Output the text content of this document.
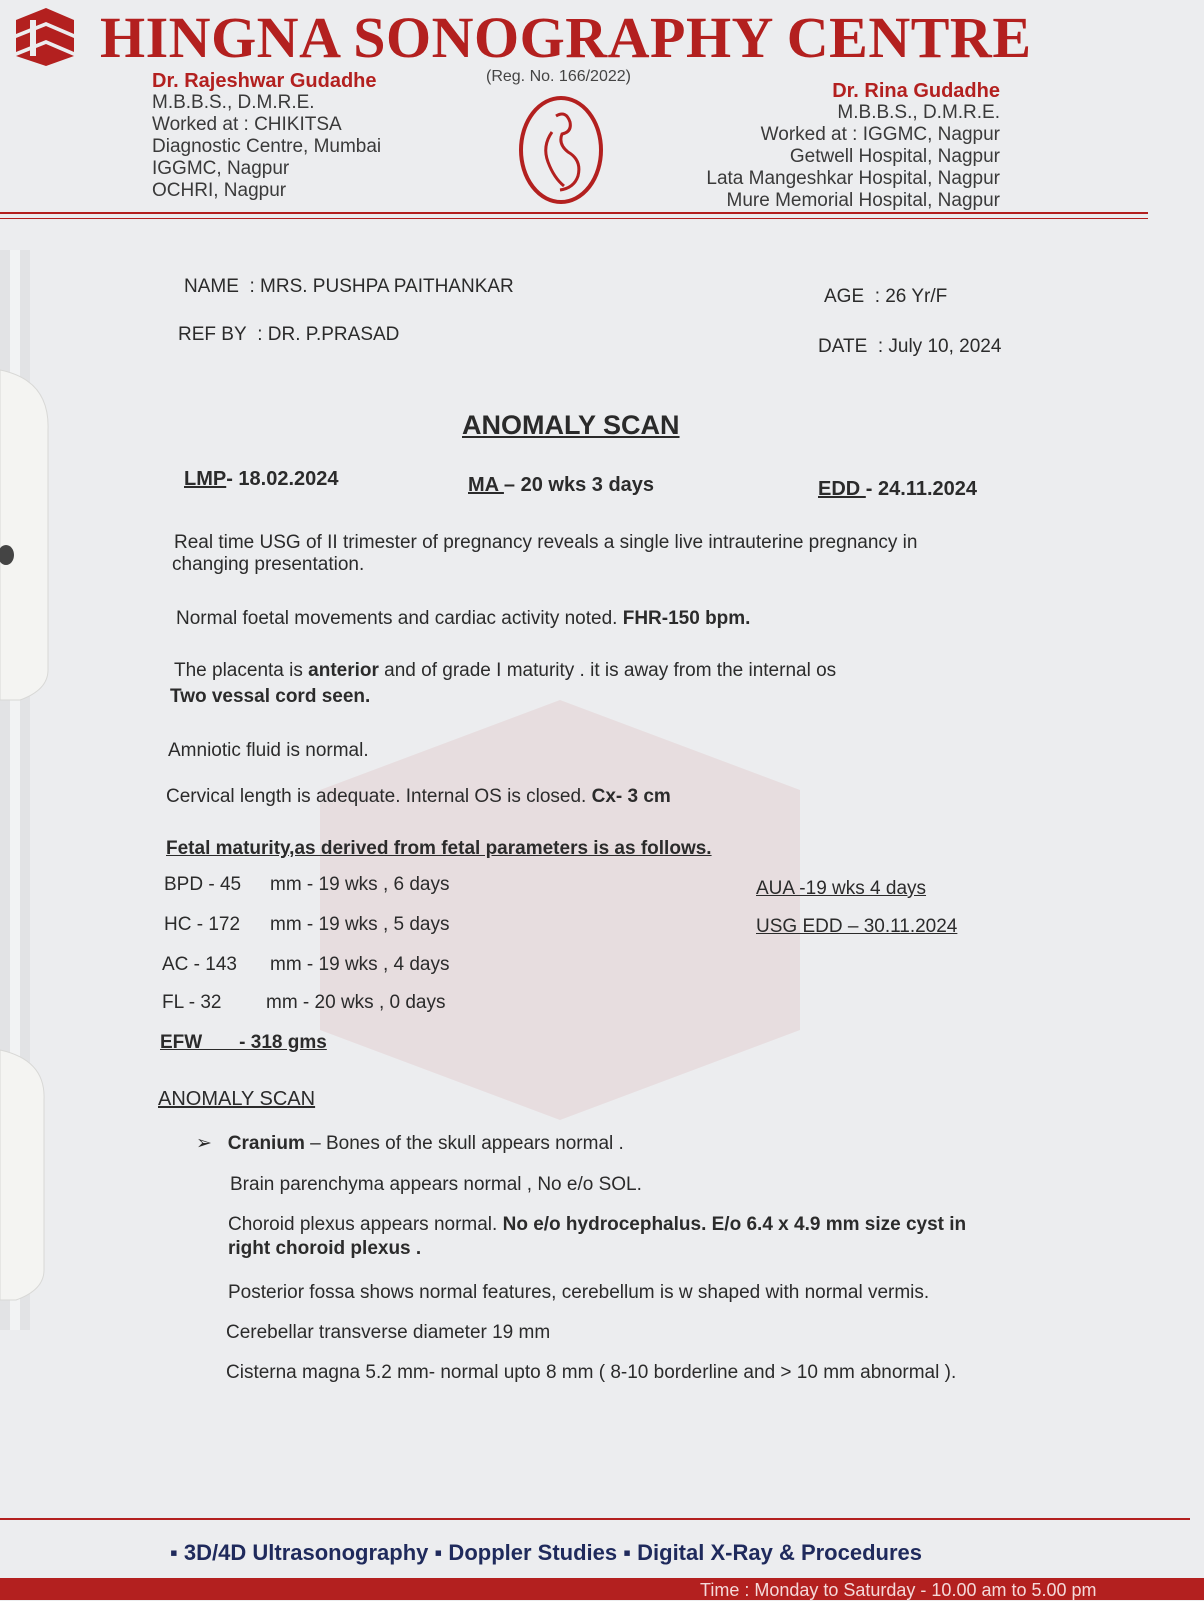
HINGNA SONOGRAPHY CENTRE
Dr. Rajeshwar Gudadhe
M.B.B.S., D.M.R.E.
Worked at : CHIKITSA
Diagnostic Centre, Mumbai
IGGMC, Nagpur
OCHRI, Nagpur
(Reg. No. 166/2022)
Dr. Rina Gudadhe
M.B.B.S., D.M.R.E.
Worked at : IGGMC, Nagpur
Getwell Hospital, Nagpur
Lata Mangeshkar Hospital, Nagpur
Mure Memorial Hospital, Nagpur
NAME : MRS. PUSHPA PAITHANKAR
REF BY : DR. P.PRASAD
AGE : 26 Yr/F
DATE : July 10, 2024
ANOMALY SCAN
LMP- 18.02.2024	MA – 20 wks 3 days	EDD - 24.11.2024
Real time USG of II trimester of pregnancy reveals a single live intrauterine pregnancy in
changing presentation.
Normal foetal movements and cardiac activity noted. FHR-150 bpm.
The placenta is anterior and of grade I maturity . it is away from the internal os
Two vessal cord seen.
Amniotic fluid is normal.
Cervical length is adequate. Internal OS is closed. Cx- 3 cm
Fetal maturity,as derived from fetal parameters is as follows.
BPD - 45 mm - 19 wks , 6 days
HC - 172 mm - 19 wks , 5 days
AC - 143 mm - 19 wks , 4 days
FL - 32 mm - 20 wks , 0 days
EFW       - 318 gms
AUA -19 wks 4 days
USG EDD – 30.11.2024
ANOMALY SCAN
➢ Cranium – Bones of the skull appears normal .
Brain parenchyma appears normal , No e/o SOL.
Choroid plexus appears normal. No e/o hydrocephalus. E/o 6.4 x 4.9 mm size cyst in
right choroid plexus .
Posterior fossa shows normal features, cerebellum is w shaped with normal vermis.
Cerebellar transverse diameter 19 mm
Cisterna magna 5.2 mm- normal upto 8 mm ( 8-10 borderline and > 10 mm abnormal ).
▪ 3D/4D Ultrasonography ▪ Doppler Studies ▪ Digital X-Ray & Procedures
Time : Monday to Saturday - 10.00 am to 5.00 pm
